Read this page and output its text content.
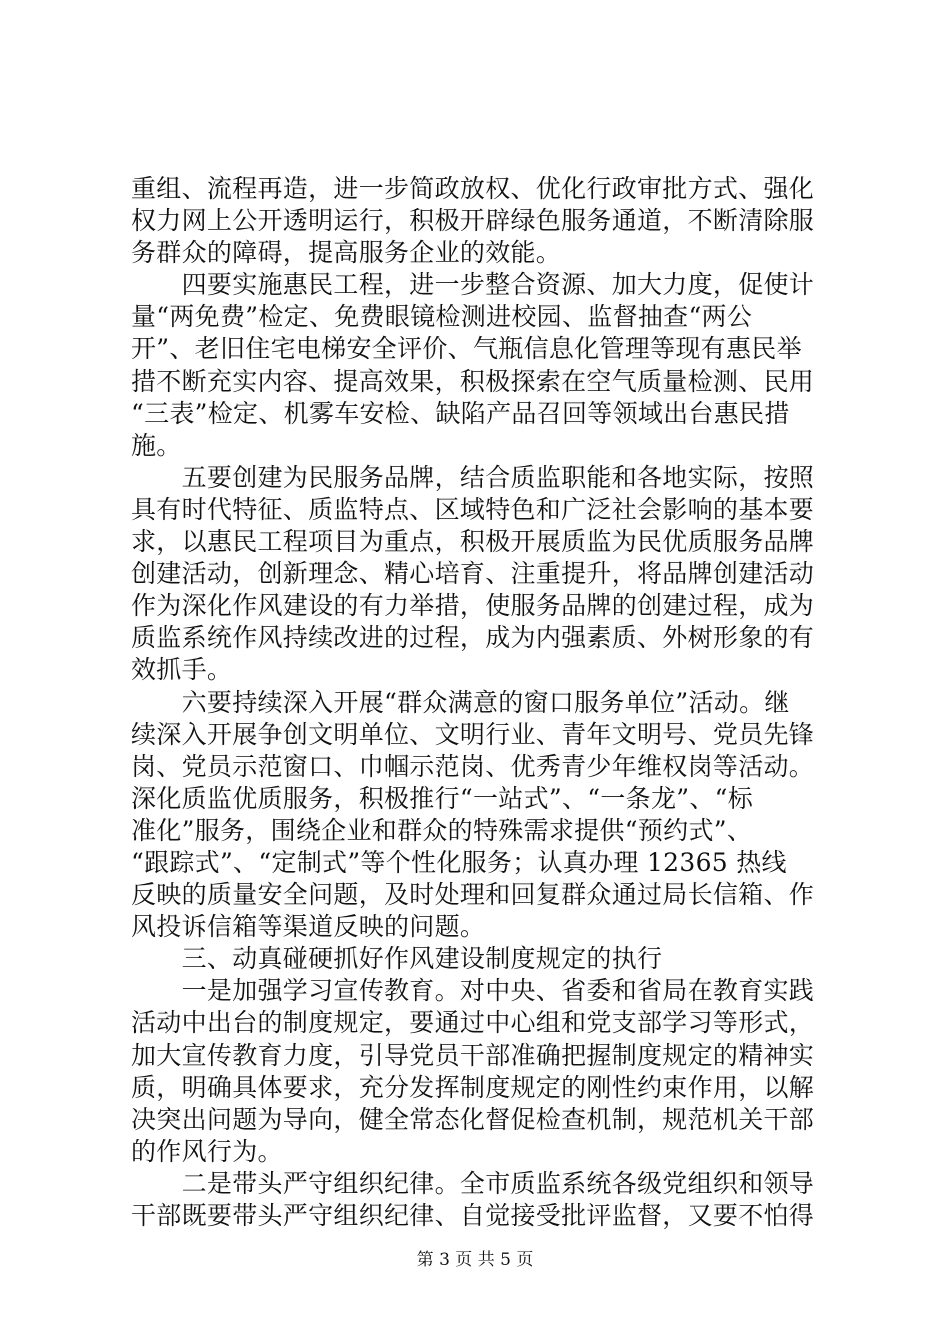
重组、流程再造，进一步简政放权、优化行政审批方式、强化
权力网上公开透明运行，积极开辟绿色服务通道，不断清除服
务群众的障碍，提高服务企业的效能。
　　四要实施惠民工程，进一步整合资源、加大力度，促使计
量“两免费”检定、免费眼镜检测进校园、监督抽查“两公
开”、老旧住宅电梯安全评价、气瓶信息化管理等现有惠民举
措不断充实内容、提高效果，积极探索在空气质量检测、民用
“三表”检定、机雾车安检、缺陷产品召回等领域出台惠民措
施。
　　五要创建为民服务品牌，结合质监职能和各地实际，按照
具有时代特征、质监特点、区域特色和广泛社会影响的基本要
求，以惠民工程项目为重点，积极开展质监为民优质服务品牌
创建活动，创新理念、精心培育、注重提升，将品牌创建活动
作为深化作风建设的有力举措，使服务品牌的创建过程，成为
质监系统作风持续改进的过程，成为内强素质、外树形象的有
效抓手。
　　六要持续深入开展“群众满意的窗口服务单位”活动。继
续深入开展争创文明单位、文明行业、青年文明号、党员先锋
岗、党员示范窗口、巾帼示范岗、优秀青少年维权岗等活动。
深化质监优质服务，积极推行“一站式”、“一条龙”、“标
准化”服务，围绕企业和群众的特殊需求提供“预约式”、
“跟踪式”、“定制式”等个性化服务；认真办理 12365 热线
反映的质量安全问题，及时处理和回复群众通过局长信箱、作
风投诉信箱等渠道反映的问题。
　　三、动真碰硬抓好作风建设制度规定的执行
　　一是加强学习宣传教育。对中央、省委和省局在教育实践
活动中出台的制度规定，要通过中心组和党支部学习等形式，
加大宣传教育力度，引导党员干部准确把握制度规定的精神实
质，明确具体要求，充分发挥制度规定的刚性约束作用，以解
决突出问题为导向，健全常态化督促检查机制，规范机关干部
的作风行为。
　　二是带头严守组织纪律。全市质监系统各级党组织和领导
干部既要带头严守组织纪律、自觉接受批评监督，又要不怕得
第 3 页 共 5 页
